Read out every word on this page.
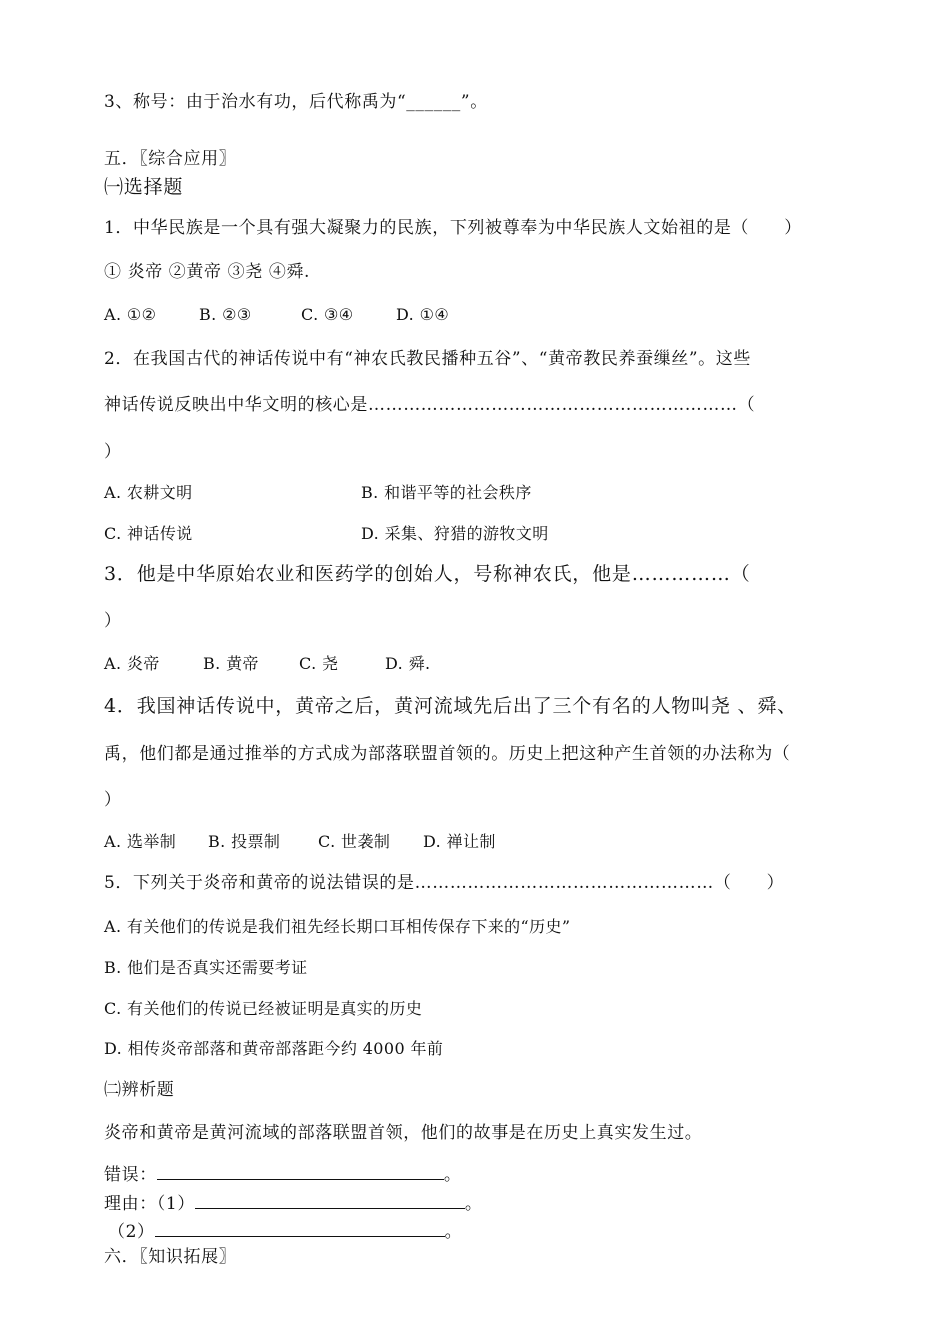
3、称号：由于治水有功，后代称禹为“______”。
五．〖综合应用〗
㈠选择题
1．中华民族是一个具有强大凝聚力的民族，下列被尊奉为中华民族人文始祖的是（　　）
① 炎帝 ②黄帝 ③尧 ④舜.
A. ①②	B. ②③	C. ③④	D. ①④
2．在我国古代的神话传说中有“神农氏教民播种五谷”、“黄帝教民养蚕缫丝”。这些
神话传说反映出中华文明的核心是………………………………………………………（
）
A. 农耕文明	B. 和谐平等的社会秩序
C. 神话传说	D. 采集、狩猎的游牧文明
3．他是中华原始农业和医药学的创始人，号称神农氏，他是……………（
）
A. 炎帝	B. 黄帝	C. 尧	D. 舜.
4．我国神话传说中，黄帝之后，黄河流域先后出了三个有名的人物叫尧 、舜、
禹，他们都是通过推举的方式成为部落联盟首领的。历史上把这种产生首领的办法称为（
）
A. 选举制 B. 投票制 C. 世袭制 D. 禅让制
5．下列关于炎帝和黄帝的说法错误的是……………………………………………（　　）
A. 有关他们的传说是我们祖先经长期口耳相传保存下来的“历史”
B. 他们是否真实还需要考证
C. 有关他们的传说已经被证明是真实的历史
D. 相传炎帝部落和黄帝部落距今约 4000 年前
㈡辨析题
炎帝和黄帝是黄河流域的部落联盟首领，他们的故事是在历史上真实发生过。
错误：	。
理由：（1）	。
（2）	。
六．〖知识拓展〗
